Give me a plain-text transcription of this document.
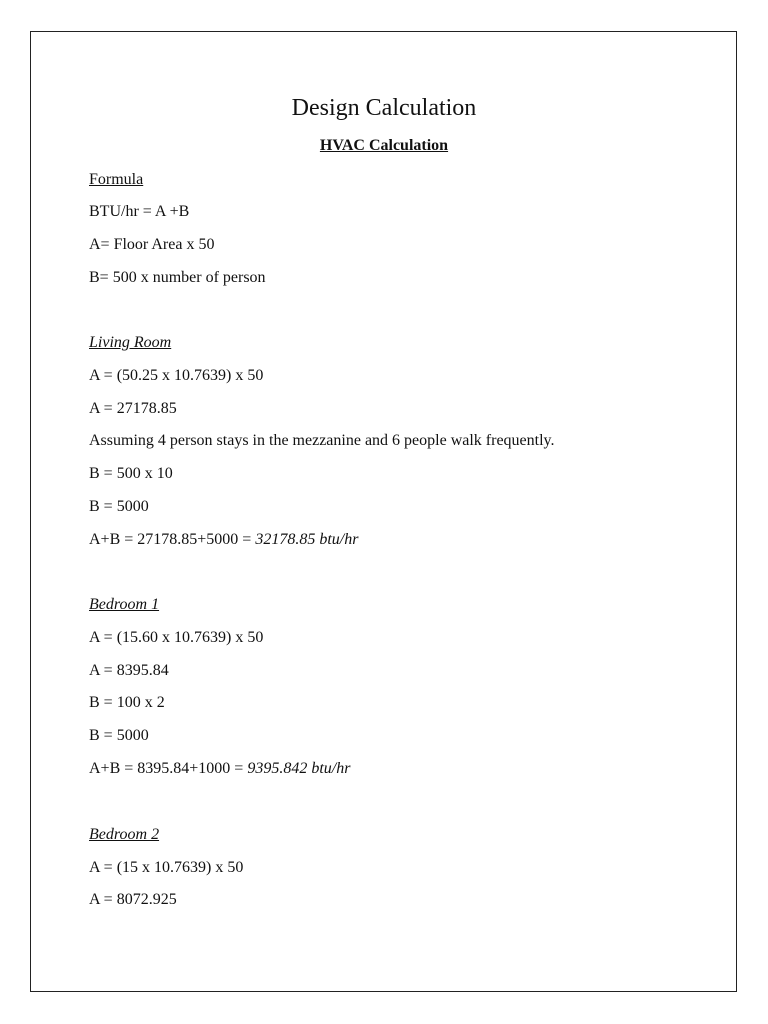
Design Calculation
HVAC Calculation
Formula
BTU/hr = A +B
A= Floor Area x 50
B= 500 x number of person
Living Room
A = (50.25 x 10.7639) x 50
A = 27178.85
Assuming 4 person stays in the mezzanine and 6 people walk frequently.
B = 500 x 10
B = 5000
A+B = 27178.85+5000 = 32178.85 btu/hr
Bedroom 1
A = (15.60 x 10.7639) x 50
A = 8395.84
B = 100 x 2
B = 5000
A+B = 8395.84+1000 = 9395.842 btu/hr
Bedroom 2
A = (15 x 10.7639) x 50
A = 8072.925
